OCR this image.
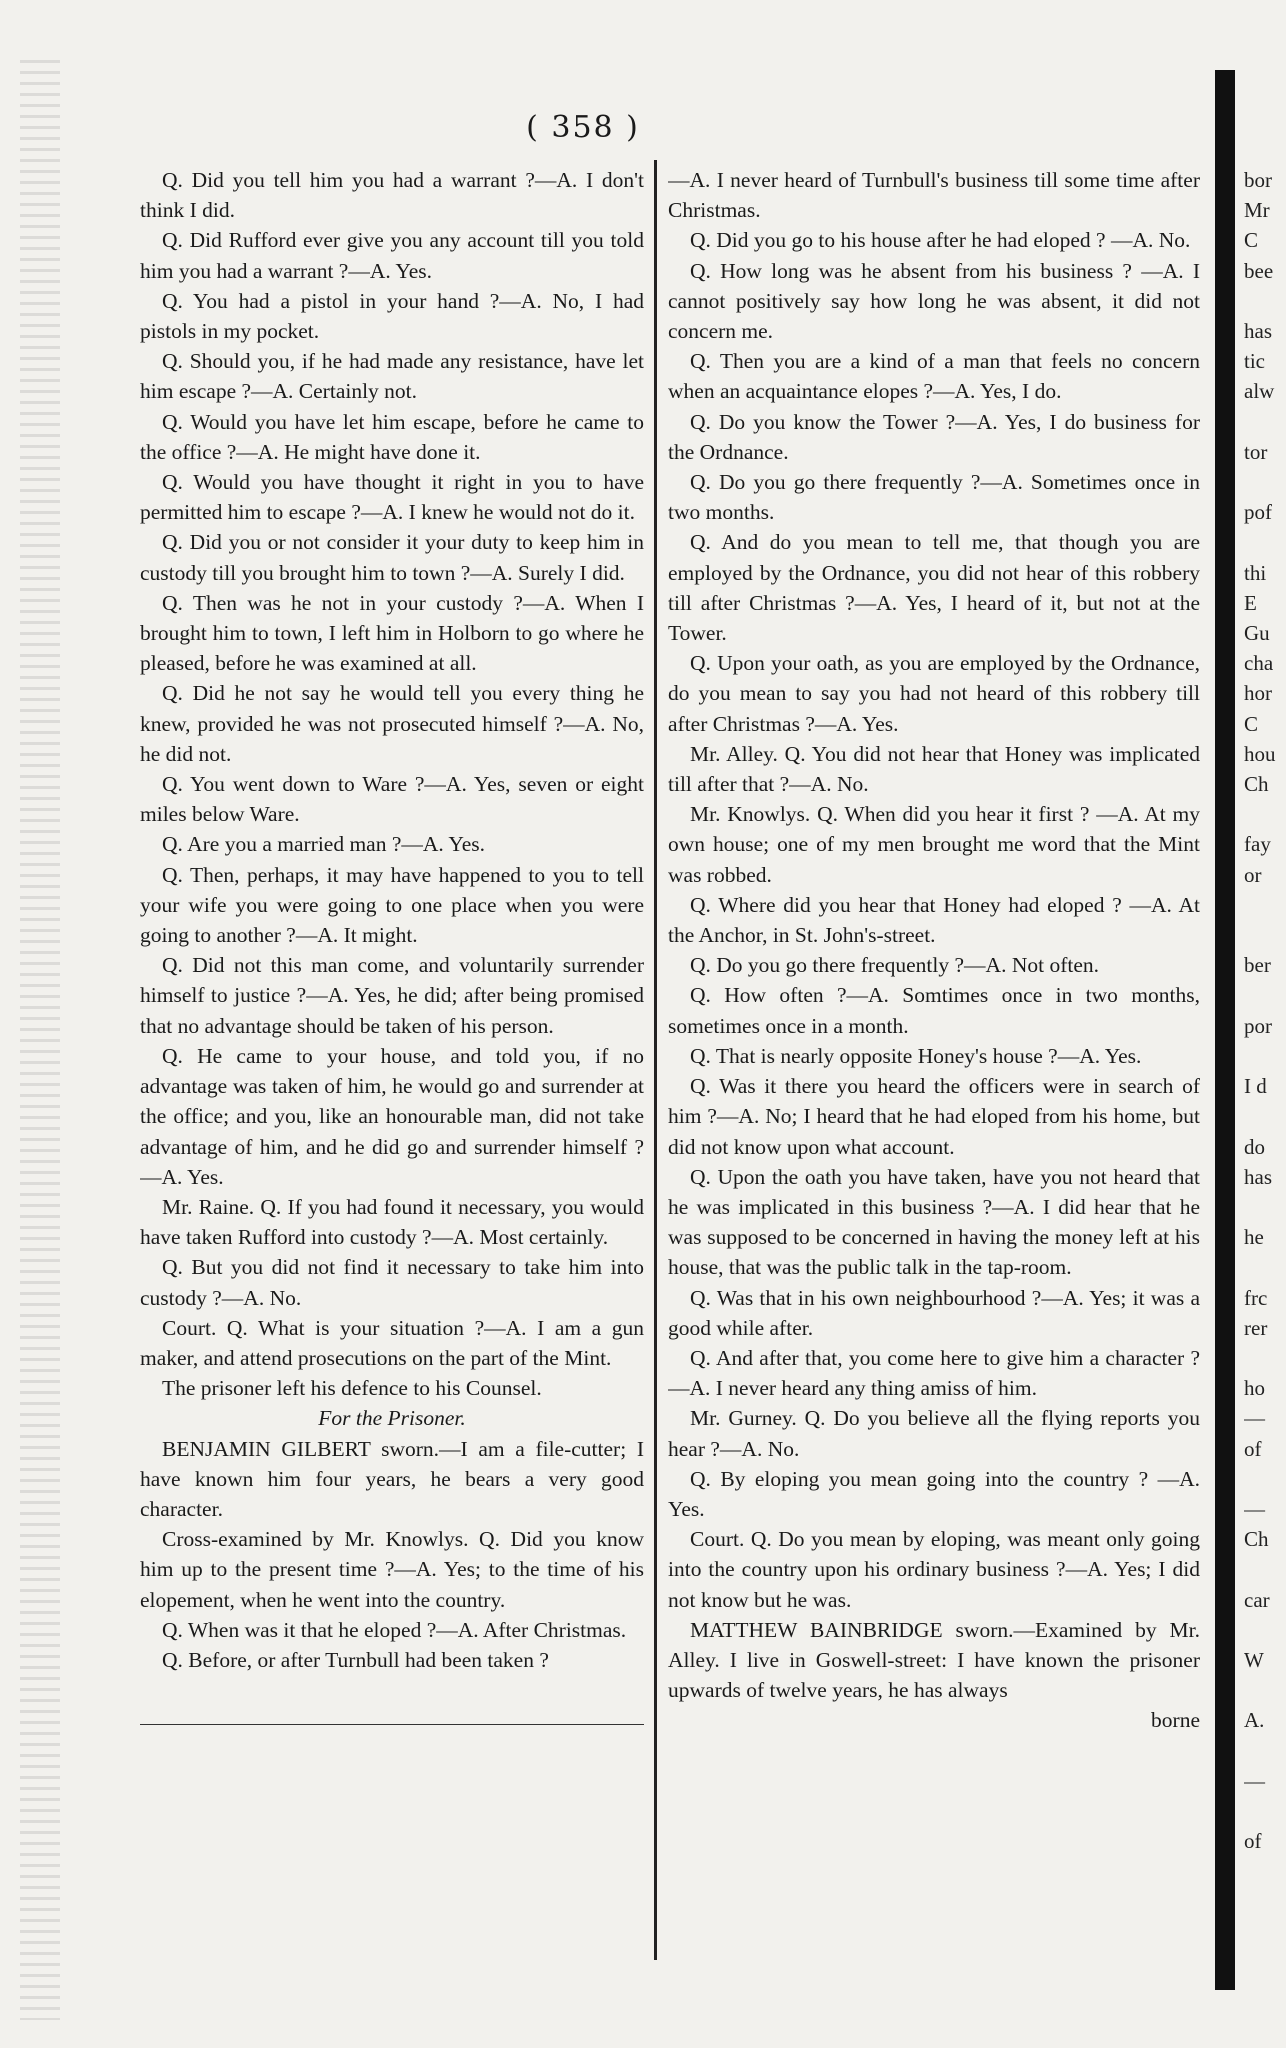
( 358 )

Q. Did you tell him you had a warrant ?—A. I don't think I did.

Q. Did Rufford ever give you any account till you told him you had a warrant ?—A. Yes.

Q. You had a pistol in your hand ?—A. No, I had pistols in my pocket.

Q. Should you, if he had made any resistance, have let him escape ?—A. Certainly not.

Q. Would you have let him escape, before he came to the office ?—A. He might have done it.

Q. Would you have thought it right in you to have permitted him to escape ?—A. I knew he would not do it.

Q. Did you or not consider it your duty to keep him in custody till you brought him to town ?—A. Surely I did.

Q. Then was he not in your custody ?—A. When I brought him to town, I left him in Holborn to go where he pleased, before he was examined at all.

Q. Did he not say he would tell you every thing he knew, provided he was not prosecuted himself ?—A. No, he did not.

Q. You went down to Ware ?—A. Yes, seven or eight miles below Ware.

Q. Are you a married man ?—A. Yes.

Q. Then, perhaps, it may have happened to you to tell your wife you were going to one place when you were going to another ?—A. It might.

Q. Did not this man come, and voluntarily surrender himself to justice ?—A. Yes, he did; after being promised that no advantage should be taken of his person.

Q. He came to your house, and told you, if no advantage was taken of him, he would go and surrender at the office; and you, like an honourable man, did not take advantage of him, and he did go and surrender himself ?—A. Yes.

Mr. Raine. Q. If you had found it necessary, you would have taken Rufford into custody ?—A. Most certainly.

Q. But you did not find it necessary to take him into custody ?—A. No.

Court. Q. What is your situation ?—A. I am a gun maker, and attend prosecutions on the part of the Mint.

The prisoner left his defence to his Counsel.

For the Prisoner.

BENJAMIN GILBERT sworn.—I am a file-cutter; I have known him four years, he bears a very good character.

Cross-examined by Mr. Knowlys. Q. Did you know him up to the present time ?—A. Yes; to the time of his elopement, when he went into the country.

Q. When was it that he eloped ?—A. After Christmas.

Q. Before, or after Turnbull had been taken ?

—A. I never heard of Turnbull's business till some time after Christmas.

Q. Did you go to his house after he had eloped ? —A. No.

Q. How long was he absent from his business ? —A. I cannot positively say how long he was absent, it did not concern me.

Q. Then you are a kind of a man that feels no concern when an acquaintance elopes ?—A. Yes, I do.

Q. Do you know the Tower ?—A. Yes, I do business for the Ordnance.

Q. Do you go there frequently ?—A. Sometimes once in two months.

Q. And do you mean to tell me, that though you are employed by the Ordnance, you did not hear of this robbery till after Christmas ?—A. Yes, I heard of it, but not at the Tower.

Q. Upon your oath, as you are employed by the Ordnance, do you mean to say you had not heard of this robbery till after Christmas ?—A. Yes.

Mr. Alley. Q. You did not hear that Honey was implicated till after that ?—A. No.

Mr. Knowlys. Q. When did you hear it first ? —A. At my own house; one of my men brought me word that the Mint was robbed.

Q. Where did you hear that Honey had eloped ? —A. At the Anchor, in St. John's-street.

Q. Do you go there frequently ?—A. Not often.

Q. How often ?—A. Somtimes once in two months, sometimes once in a month.

Q. That is nearly opposite Honey's house ?—A. Yes.

Q. Was it there you heard the officers were in search of him ?—A. No; I heard that he had eloped from his home, but did not know upon what account.

Q. Upon the oath you have taken, have you not heard that he was implicated in this business ?—A. I did hear that he was supposed to be concerned in having the money left at his house, that was the public talk in the tap-room.

Q. Was that in his own neighbourhood ?—A. Yes; it was a good while after.

Q. And after that, you come here to give him a character ?—A. I never heard any thing amiss of him.

Mr. Gurney. Q. Do you believe all the flying reports you hear ?—A. No.

Q. By eloping you mean going into the country ? —A. Yes.

Court. Q. Do you mean by eloping, was meant only going into the country upon his ordinary business ?—A. Yes; I did not know but he was.

MATTHEW BAINBRIDGE sworn.—Examined by Mr. Alley. I live in Goswell-street: I have known the prisoner upwards of twelve years, he has always

borne

bor
Mr
C
bee

has
tic
alw

tor

pof

thi
E
Gu
cha
hor
C
hou
Ch

fay
or

ber

por

I d

do
has

he

frc
rer

ho
—
of

—
Ch

car

W

A.

—

of
